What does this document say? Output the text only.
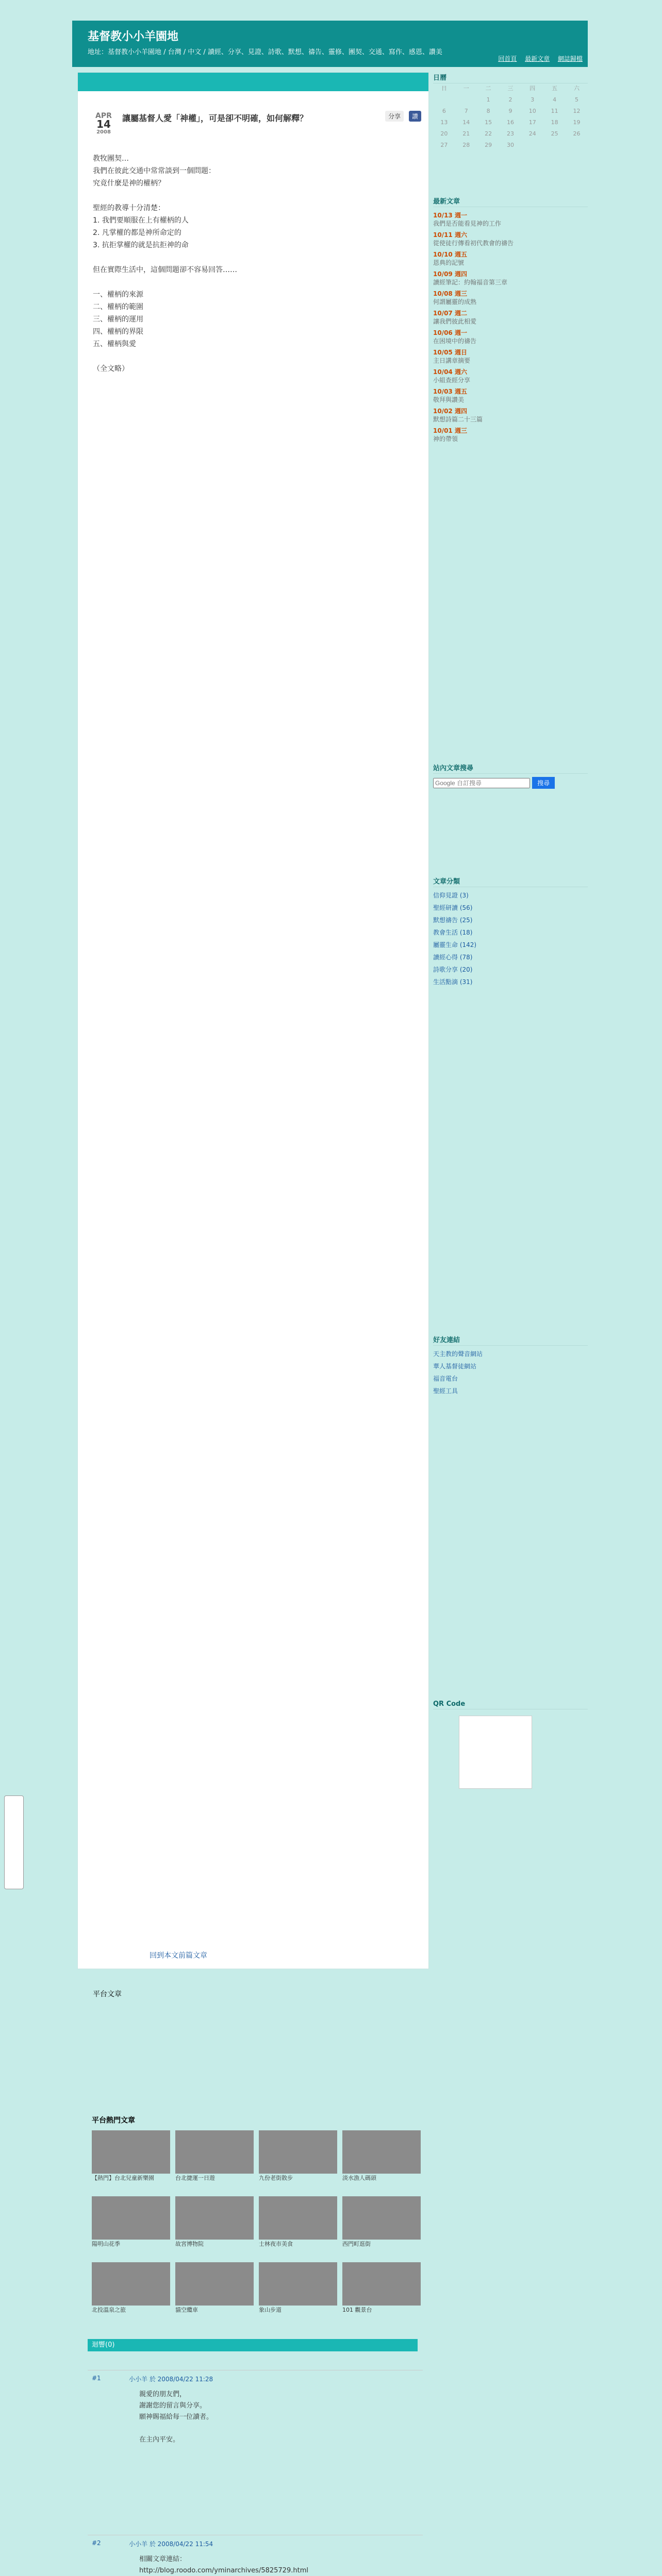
基督教小小羊園地
地址：基督教小小羊園地 / 台灣 / 中文 / 讀經、分享、見證、詩歌、默想、禱告、靈修、團契、交通、寫作、感恩、讚美
回首頁 最新文章 網誌歸檔
APR
14
2008
讓屬基督人愛「神權」，可是卻不明確，如何解釋？	分享 讚
教牧團契…
我們在彼此交通中常常談到一個問題：
究竟什麼是神的權柄？

聖經的教導十分清楚：
1. 我們要順服在上有權柄的人
2. 凡掌權的都是神所命定的
3. 抗拒掌權的就是抗拒神的命

但在實際生活中，這個問題卻不容易回答……

一、權柄的來源
二、權柄的範圍
三、權柄的運用
四、權柄的界限
五、權柄與愛

（全文略）
回到本文前篇文章
平台文章
日曆
日	一	二	三	四	五	六
		1	2	3	4	5
6	7	8	9	10	11	12
13	14	15	16	17	18	19
20	21	22	23	24	25	26
27	28	29	30			
最新文章
10/13 週一
我們是否能看見神的工作
10/11 週六
從使徒行傳看初代教會的禱告
10/10 週五
恩典的記號
10/09 週四
讀經筆記：約翰福音第三章
10/08 週三
何謂屬靈的成熟
10/07 週二
讓我們彼此相愛
10/06 週一
在困境中的禱告
10/05 週日
主日講章摘要
10/04 週六
小組查經分享
10/03 週五
敬拜與讚美
10/02 週四
默想詩篇二十三篇
10/01 週三
神的帶領
站內文章搜尋
Google 自訂搜尋 搜尋
文章分類
信仰見證 (3)
聖經研讀 (56)
默想禱告 (25)
教會生活 (18)
屬靈生命 (142)
讀經心得 (78)
詩歌分享 (20)
生活點滴 (31)
好友連結
天主教的聲音網站
華人基督徒網站
福音電台
聖經工具
QR Code
平台熱門文章
【熱門】台北兒童新樂園	台北捷運一日遊	九份老街散步	淡水漁人碼頭
陽明山花季	故宮博物院	士林夜市美食	西門町逛街
北投溫泉之旅	貓空纜車	象山步道	101 觀景台
迴響(0)
#1	小小羊 於 2008/04/22 11:28
親愛的朋友們，
謝謝您的留言與分享。
願神賜福給每一位讀者。

在主內平安。
#2	小小羊 於 2008/04/22 11:54
相關文章連結：
http://blog.roodo.com/yminarchives/5825729.html
